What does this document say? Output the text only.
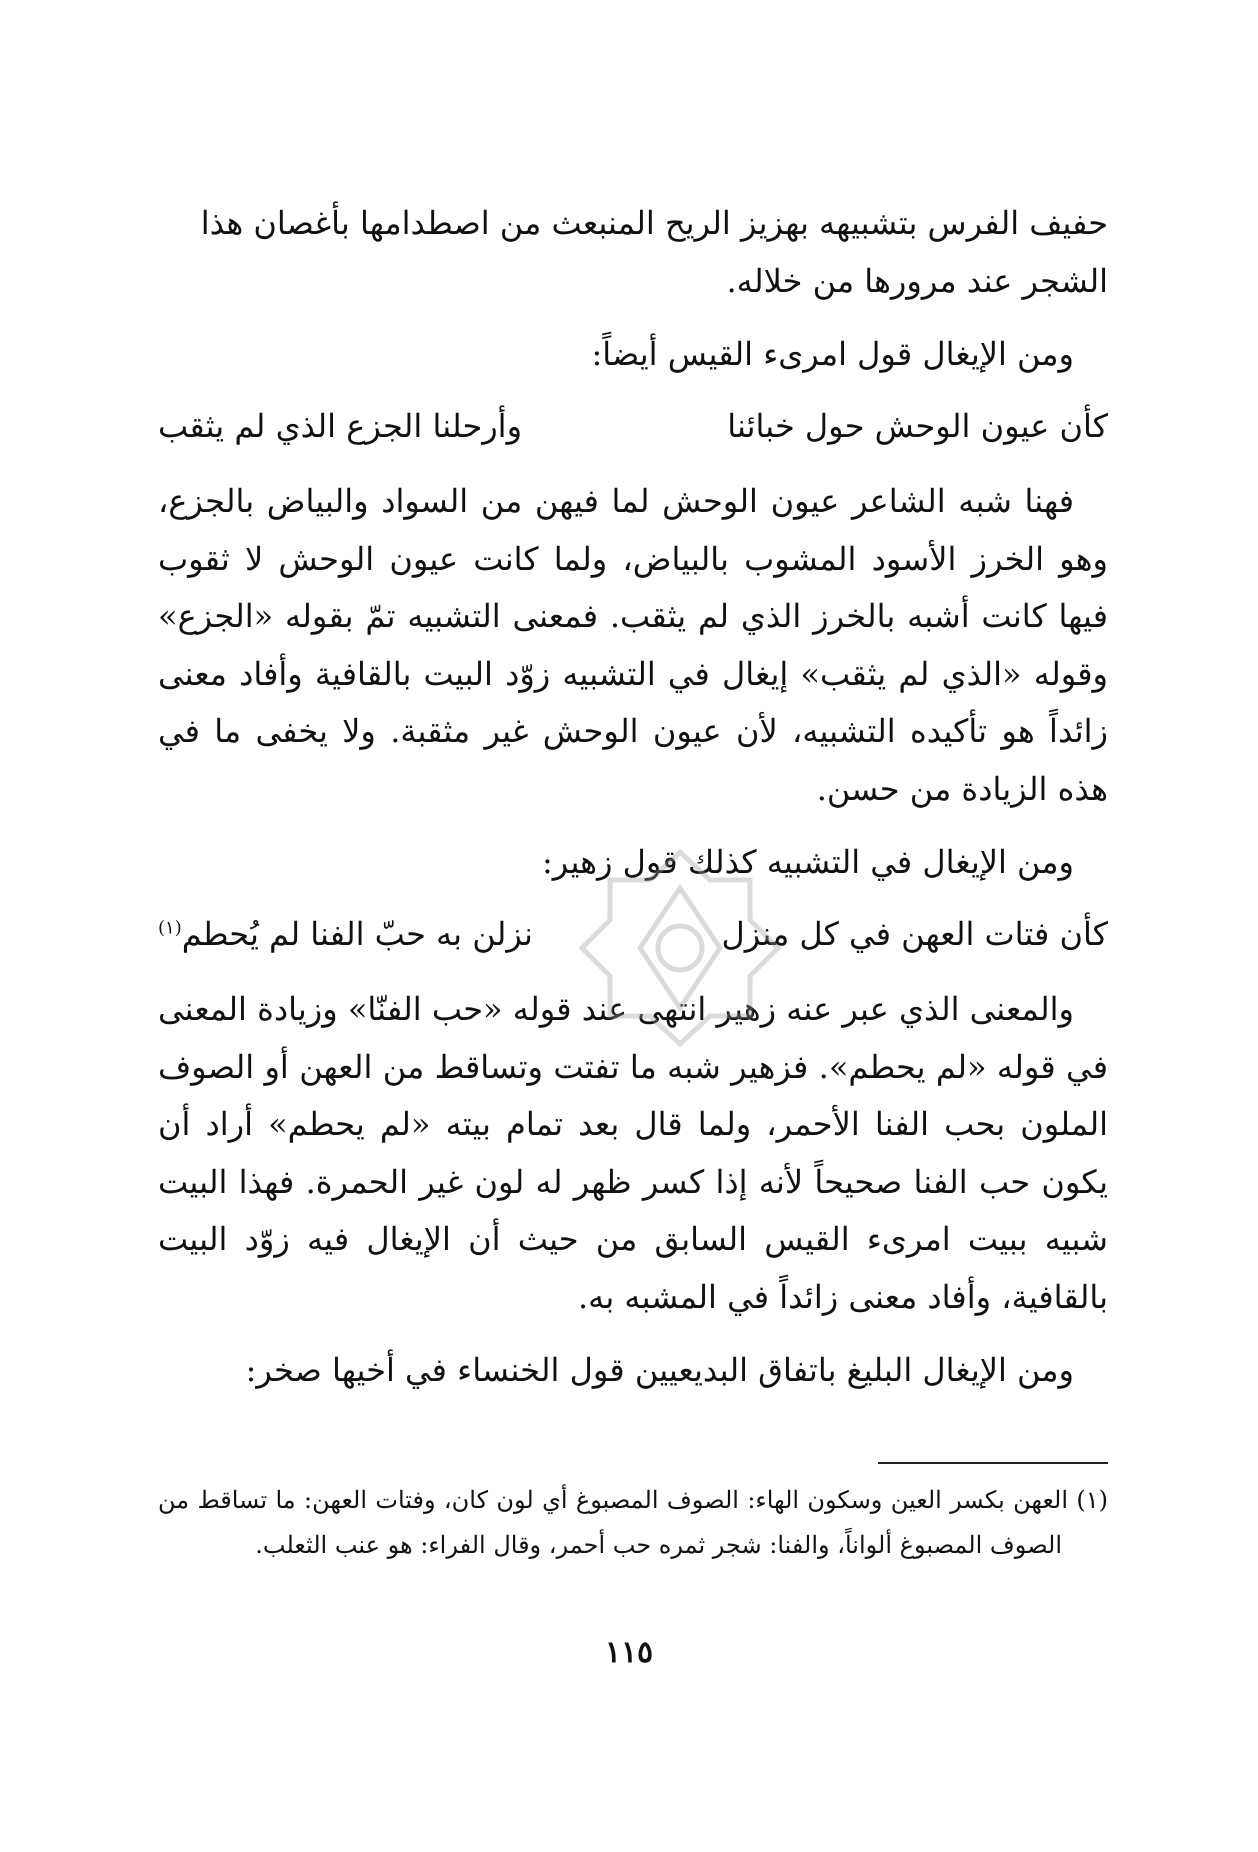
حفيف الفرس بتشبيهه بهزيز الريح المنبعث من اصطدامها بأغصان هذا

الشجر عند مرورها من خلاله.

ومن الإيغال قول امرىء القيس أيضاً:

كأن عيون الوحش حول خبائنا
وأرحلنا الجزع الذي لم يثقب

فهنا شبه الشاعر عيون الوحش لما فيهن من السواد والبياض بالجزع، وهو الخرز الأسود المشوب بالبياض، ولما كانت عيون الوحش لا ثقوب فيها كانت أشبه بالخرز الذي لم يثقب. فمعنى التشبيه تمّ بقوله «الجزع» وقوله «الذي لم يثقب» إيغال في التشبيه زوّد البيت بالقافية وأفاد معنى زائداً هو تأكيده التشبيه، لأن عيون الوحش غير مثقبة. ولا يخفى ما في هذه الزيادة من حسن.

ومن الإيغال في التشبيه كذلك قول زهير:

كأن فتات العهن في كل منزل
نزلن به حبّ الفنا لم يُحطم$^{(١)}$

والمعنى الذي عبر عنه زهير انتهى عند قوله «حب الفنّا» وزيادة المعنى في قوله «لم يحطم». فزهير شبه ما تفتت وتساقط من العهن أو الصوف الملون بحب الفنا الأحمر، ولما قال بعد تمام بيته «لم يحطم» أراد أن يكون حب الفنا صحيحاً لأنه إذا كسر ظهر له لون غير الحمرة. فهذا البيت شبيه ببيت امرىء القيس السابق من حيث أن الإيغال فيه زوّد البيت بالقافية، وأفاد معنى زائداً في المشبه به.

ومن الإيغال البليغ باتفاق البديعيين قول الخنساء في أخيها صخر:

(١) العهن بكسر العين وسكون الهاء: الصوف المصبوغ أي لون كان، وفتات العهن: ما تساقط من الصوف المصبوغ ألواناً، والفنا: شجر ثمره حب أحمر، وقال الفراء: هو عنب الثعلب.

١١٥
